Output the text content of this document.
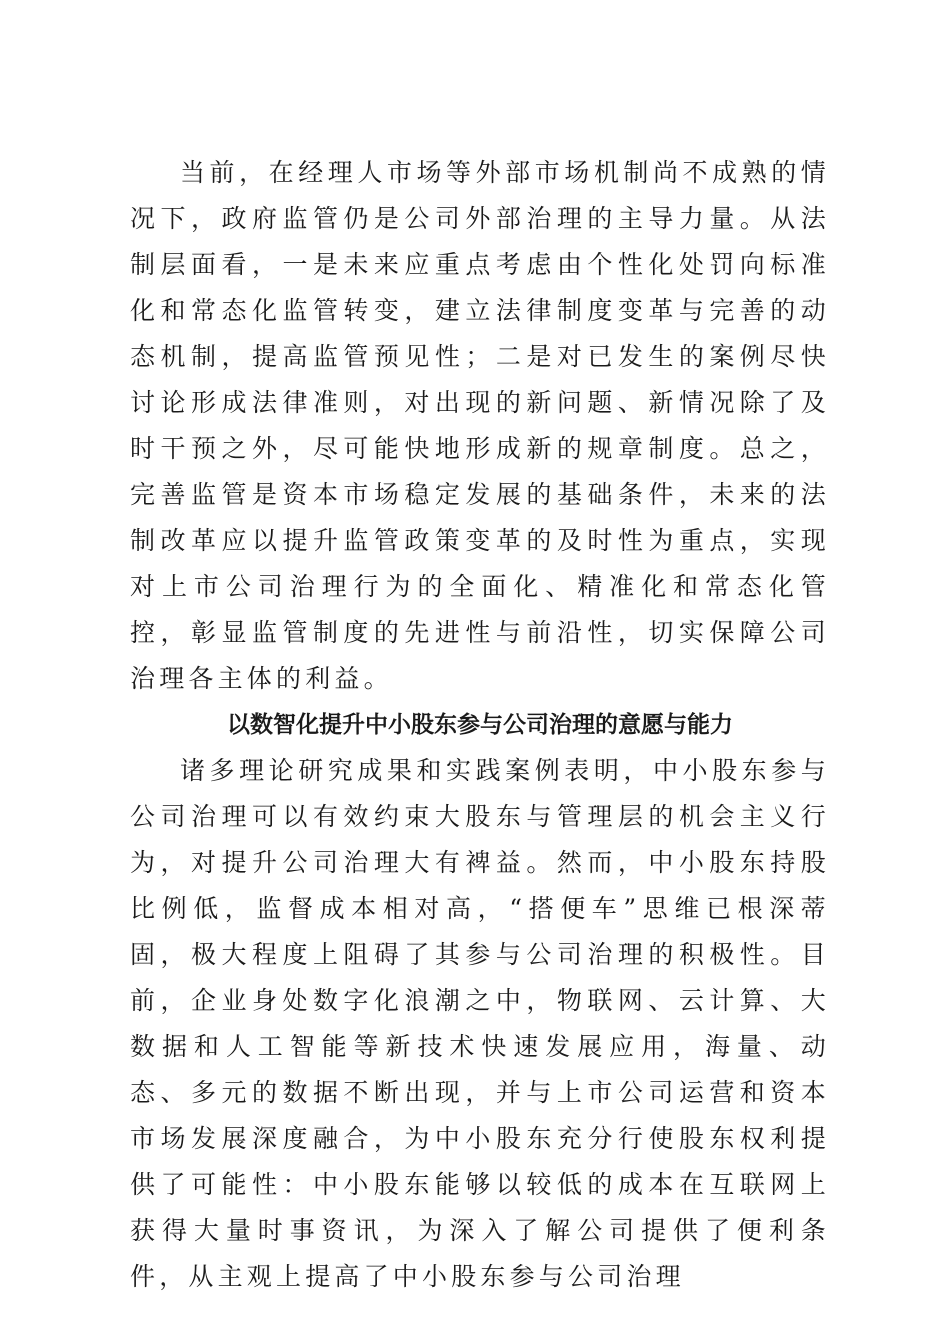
当前，在经理人市场等外部市场机制尚不成熟的情况下，政府监管仍是公司外部治理的主导力量。从法制层面看，一是未来应重点考虑由个性化处罚向标准化和常态化监管转变，建立法律制度变革与完善的动态机制，提高监管预见性；二是对已发生的案例尽快讨论形成法律准则，对出现的新问题、新情况除了及时干预之外，尽可能快地形成新的规章制度。总之，完善监管是资本市场稳定发展的基础条件，未来的法制改革应以提升监管政策变革的及时性为重点，实现对上市公司治理行为的全面化、精准化和常态化管控，彰显监管制度的先进性与前沿性，切实保障公司治理各主体的利益。

以数智化提升中小股东参与公司治理的意愿与能力

诸多理论研究成果和实践案例表明，中小股东参与公司治理可以有效约束大股东与管理层的机会主义行为，对提升公司治理大有裨益。然而，中小股东持股比例低，监督成本相对高，“搭便车”思维已根深蒂固，极大程度上阻碍了其参与公司治理的积极性。目前，企业身处数字化浪潮之中，物联网、云计算、大数据和人工智能等新技术快速发展应用，海量、动态、多元的数据不断出现，并与上市公司运营和资本市场发展深度融合，为中小股东充分行使股东权利提供了可能性：中小股东能够以较低的成本在互联网上获得大量时事资讯，为深入了解公司提供了便利条件，从主观上提高了中小股东参与公司治理
